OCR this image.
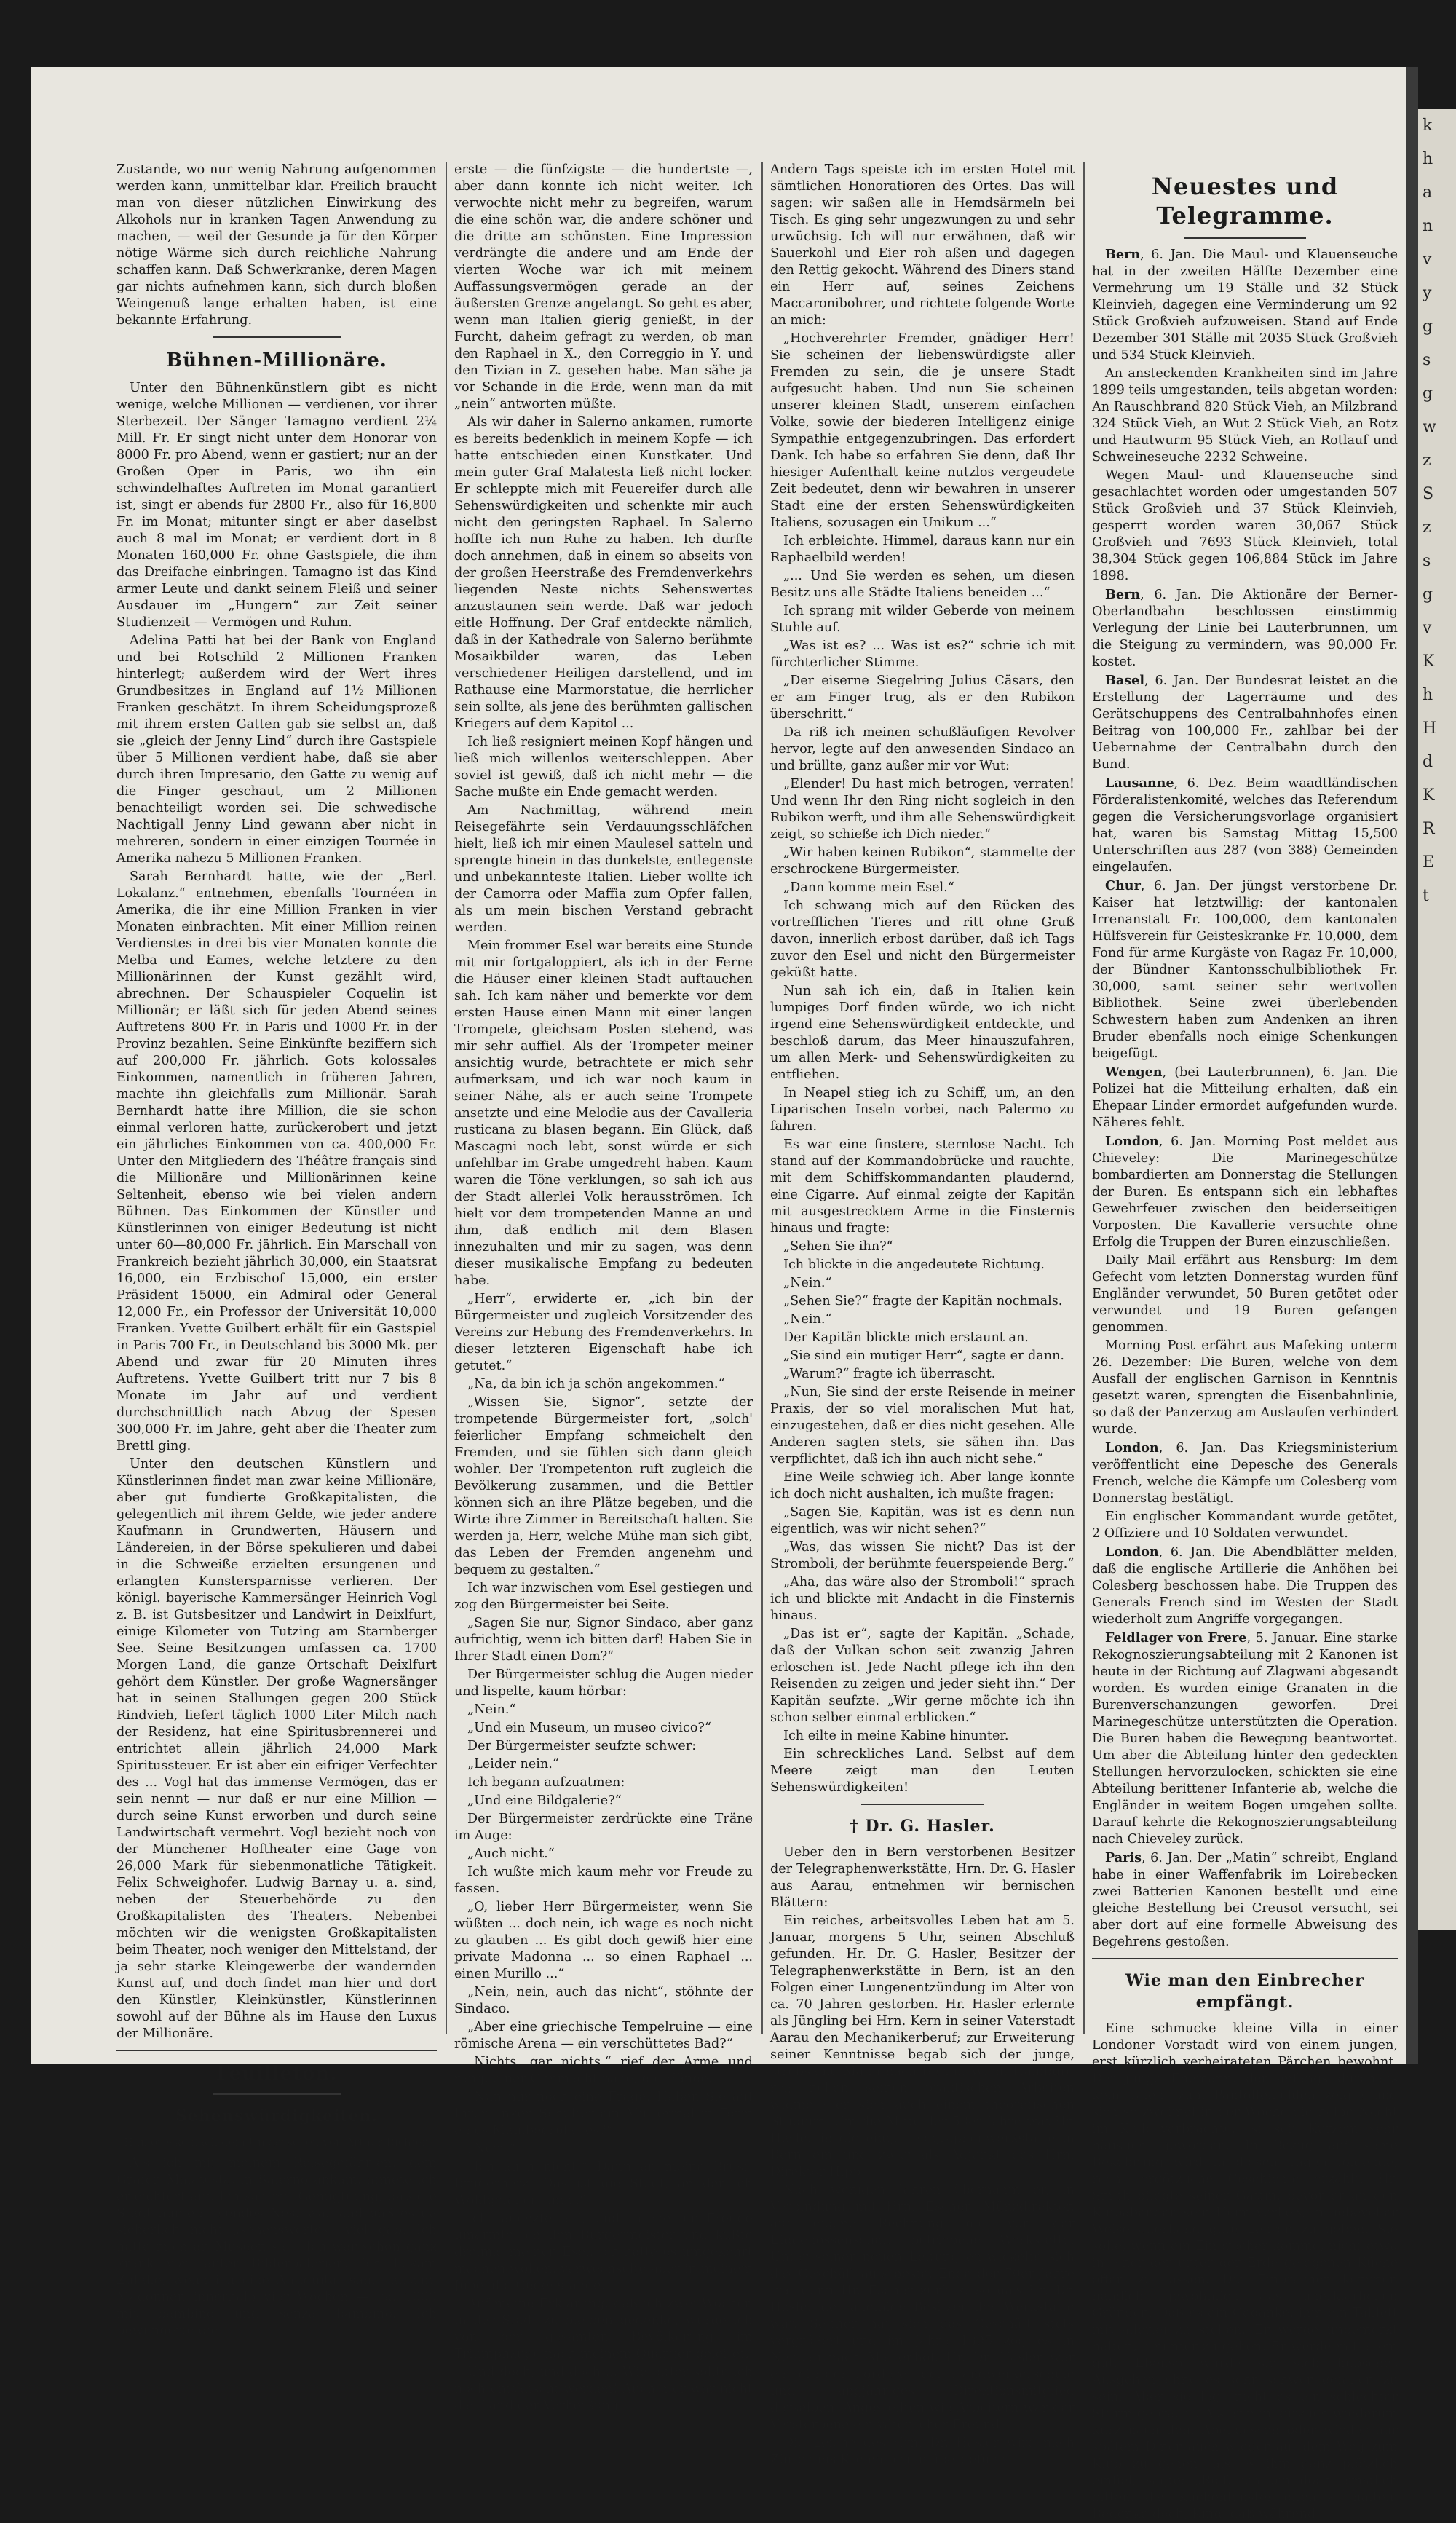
Zustande, wo nur wenig Nahrung aufgenommen werden kann, unmittelbar klar. Freilich braucht man von dieser nützlichen Einwirkung des Alkohols nur in kranken Tagen Anwendung zu machen, — weil der Gesunde ja für den Körper nötige Wärme sich durch reichliche Nahrung schaffen kann. Daß Schwerkranke, deren Magen gar nichts aufnehmen kann, sich durch bloßen Weingenuß lange erhalten haben, ist eine bekannte Erfahrung.

Bühnen-Millionäre.

Unter den Bühnenkünstlern gibt es nicht wenige, welche Millionen — verdienen, vor ihrer Sterbezeit. Der Sänger Tamagno verdient 2¼ Mill. Fr. Er singt nicht unter dem Honorar von 8000 Fr. pro Abend, wenn er gastiert; nur an der Großen Oper in Paris, wo ihn ein schwindelhaftes Auftreten im Monat garantiert ist, singt er abends für 2800 Fr., also für 16,800 Fr. im Monat; mitunter singt er aber daselbst auch 8 mal im Monat; er verdient dort in 8 Monaten 160,000 Fr. ohne Gastspiele, die ihm das Dreifache einbringen. Tamagno ist das Kind armer Leute und dankt seinem Fleiß und seiner Ausdauer im „Hungern“ zur Zeit seiner Studienzeit — Vermögen und Ruhm.

Adelina Patti hat bei der Bank von England und bei Rotschild 2 Millionen Franken hinterlegt; außerdem wird der Wert ihres Grundbesitzes in England auf 1½ Millionen Franken geschätzt. In ihrem Scheidungsprozeß mit ihrem ersten Gatten gab sie selbst an, daß sie „gleich der Jenny Lind“ durch ihre Gastspiele über 5 Millionen verdient habe, daß sie aber durch ihren Impresario, den Gatte zu wenig auf die Finger geschaut, um 2 Millionen benachteiligt worden sei. Die schwedische Nachtigall Jenny Lind gewann aber nicht in mehreren, sondern in einer einzigen Tournée in Amerika nahezu 5 Millionen Franken.

Sarah Bernhardt hatte, wie der „Berl. Lokalanz.“ entnehmen, ebenfalls Tournéen in Amerika, die ihr eine Million Franken in vier Monaten einbrachten. Mit einer Million reinen Verdienstes in drei bis vier Monaten konnte die Melba und Eames, welche letztere zu den Millionärinnen der Kunst gezählt wird, abrechnen. Der Schauspieler Coquelin ist Millionär; er läßt sich für jeden Abend seines Auftretens 800 Fr. in Paris und 1000 Fr. in der Provinz bezahlen. Seine Einkünfte beziffern sich auf 200,000 Fr. jährlich. Gots kolossales Einkommen, namentlich in früheren Jahren, machte ihn gleichfalls zum Millionär. Sarah Bernhardt hatte ihre Million, die sie schon einmal verloren hatte, zurückerobert und jetzt ein jährliches Einkommen von ca. 400,000 Fr. Unter den Mitgliedern des Théâtre français sind die Millionäre und Millionärinnen keine Seltenheit, ebenso wie bei vielen andern Bühnen. Das Einkommen der Künstler und Künstlerinnen von einiger Bedeutung ist nicht unter 60—80,000 Fr. jährlich. Ein Marschall von Frankreich bezieht jährlich 30,000, ein Staatsrat 16,000, ein Erzbischof 15,000, ein erster Präsident 15000, ein Admiral oder General 12,000 Fr., ein Professor der Universität 10,000 Franken. Yvette Guilbert erhält für ein Gastspiel in Paris 700 Fr., in Deutschland bis 3000 Mk. per Abend und zwar für 20 Minuten ihres Auftretens. Yvette Guilbert tritt nur 7 bis 8 Monate im Jahr auf und verdient durchschnittlich nach Abzug der Spesen 300,000 Fr. im Jahre, geht aber die Theater zum Brettl ging.

Unter den deutschen Künstlern und Künstlerinnen findet man zwar keine Millionäre, aber gut fundierte Großkapitalisten, die gelegentlich mit ihrem Gelde, wie jeder andere Kaufmann in Grundwerten, Häusern und Ländereien, in der Börse spekulieren und dabei in die Schweiße erzielten ersungenen und erlangten Kunstersparnisse verlieren. Der königl. bayerische Kammersänger Heinrich Vogl z. B. ist Gutsbesitzer und Landwirt in Deixlfurt, einige Kilometer von Tutzing am Starnberger See. Seine Besitzungen umfassen ca. 1700 Morgen Land, die ganze Ortschaft Deixlfurt gehört dem Künstler. Der große Wagnersänger hat in seinen Stallungen gegen 200 Stück Rindvieh, liefert täglich 1000 Liter Milch nach der Residenz, hat eine Spiritusbrennerei und entrichtet allein jährlich 24,000 Mark Spiritussteuer. Er ist aber ein eifriger Verfechter des ... Vogl hat das immense Vermögen, das er sein nennt — nur daß er nur eine Million — durch seine Kunst erworben und durch seine Landwirtschaft vermehrt. Vogl bezieht noch von der Münchener Hoftheater eine Gage von 26,000 Mark für siebenmonatliche Tätigkeit. Felix Schweighofer. Ludwig Barnay u. a. sind, neben der Steuerbehörde zu den Großkapitalisten des Theaters. Nebenbei möchten wir die wenigsten Großkapitalisten beim Theater, noch weniger den Mittelstand, der ja sehr starke Kleingewerbe der wandernden Kunst auf, und doch findet man hier und dort den Künstler, Kleinkünstler, Künstlerinnen sowohl auf der Bühne als im Hause den Luxus der Millionäre.

Feuilleton.
Sehenswürdigkeiten.
Humoreske nach dem Ungarischen von Arthur Richter.

Als ich mit meinem Reisegefährten, dem Grafen Malatesta, in Salerno ankam, atmete ich erleichtert auf. Ich sah mit Genugtuung, daß die Stadt nur ein elendes Nest war und daß es da sicherlich nicht „sehenswertes“ viel gab. Ich hatte mich an Museen satt. Ich war schon ganz krank vor lauter Bilderbalerien. Ich bekam Zufälle, wenn ich eine Antiquität sah. Tausend Madonnen innerhalb vier Wochen — ca. 1000 mit bambino und senza bambino. Ich bewunderte die

erste — die fünfzigste — die hundertste —, aber dann konnte ich nicht weiter. Ich verwochte nicht mehr zu begreifen, warum die eine schön war, die andere schöner und die dritte am schönsten. Eine Impression verdrängte die andere und am Ende der vierten Woche war ich mit meinem Auffassungsvermögen gerade an der äußersten Grenze angelangt. So geht es aber, wenn man Italien gierig genießt, in der Furcht, daheim gefragt zu werden, ob man den Raphael in X., den Correggio in Y. und den Tizian in Z. gesehen habe. Man sähe ja vor Schande in die Erde, wenn man da mit „nein“ antworten müßte.

Als wir daher in Salerno ankamen, rumorte es bereits bedenklich in meinem Kopfe — ich hatte entschieden einen Kunstkater. Und mein guter Graf Malatesta ließ nicht locker. Er schleppte mich mit Feuereifer durch alle Sehenswürdigkeiten und schenkte mir auch nicht den geringsten Raphael. In Salerno hoffte ich nun Ruhe zu haben. Ich durfte doch annehmen, daß in einem so abseits von der großen Heerstraße des Fremdenverkehrs liegenden Neste nichts Sehenswertes anzustaunen sein werde. Daß war jedoch eitle Hoffnung. Der Graf entdeckte nämlich, daß in der Kathedrale von Salerno berühmte Mosaikbilder waren, das Leben verschiedener Heiligen darstellend, und im Rathause eine Marmorstatue, die herrlicher sein sollte, als jene des berühmten gallischen Kriegers auf dem Kapitol ...

Ich ließ resigniert meinen Kopf hängen und ließ mich willenlos weiterschleppen. Aber soviel ist gewiß, daß ich nicht mehr — die Sache mußte ein Ende gemacht werden.

Am Nachmittag, während mein Reisegefährte sein Verdauungsschläfchen hielt, ließ ich mir einen Maulesel satteln und sprengte hinein in das dunkelste, entlegenste und unbekannteste Italien. Lieber wollte ich der Camorra oder Maffia zum Opfer fallen, als um mein bischen Verstand gebracht werden.

Mein frommer Esel war bereits eine Stunde mit mir fortgaloppiert, als ich in der Ferne die Häuser einer kleinen Stadt auftauchen sah. Ich kam näher und bemerkte vor dem ersten Hause einen Mann mit einer langen Trompete, gleichsam Posten stehend, was mir sehr auffiel. Als der Trompeter meiner ansichtig wurde, betrachtete er mich sehr aufmerksam, und ich war noch kaum in seiner Nähe, als er auch seine Trompete ansetzte und eine Melodie aus der Cavalleria rusticana zu blasen begann. Ein Glück, daß Mascagni noch lebt, sonst würde er sich unfehlbar im Grabe umgedreht haben. Kaum waren die Töne verklungen, so sah ich aus der Stadt allerlei Volk herausströmen. Ich hielt vor dem trompetenden Manne an und ihm, daß endlich mit dem Blasen innezuhalten und mir zu sagen, was denn dieser musikalische Empfang zu bedeuten habe.

„Herr“, erwiderte er, „ich bin der Bürgermeister und zugleich Vorsitzender des Vereins zur Hebung des Fremdenverkehrs. In dieser letzteren Eigenschaft habe ich getutet.“

„Na, da bin ich ja schön angekommen.“

„Wissen Sie, Signor“, setzte der trompetende Bürgermeister fort, „solch' feierlicher Empfang schmeichelt den Fremden, und sie fühlen sich dann gleich wohler. Der Trompetenton ruft zugleich die Bevölkerung zusammen, und die Bettler können sich an ihre Plätze begeben, und die Wirte ihre Zimmer in Bereitschaft halten. Sie werden ja, Herr, welche Mühe man sich gibt, das Leben der Fremden angenehm und bequem zu gestalten.“

Ich war inzwischen vom Esel gestiegen und zog den Bürgermeister bei Seite.

„Sagen Sie nur, Signor Sindaco, aber ganz aufrichtig, wenn ich bitten darf! Haben Sie in Ihrer Stadt einen Dom?“

Der Bürgermeister schlug die Augen nieder und lispelte, kaum hörbar:

„Nein.“

„Und ein Museum, un museo civico?“

Der Bürgermeister seufzte schwer:

„Leider nein.“

Ich begann aufzuatmen:

„Und eine Bildgalerie?“

Der Bürgermeister zerdrückte eine Träne im Auge:

„Auch nicht.“

Ich wußte mich kaum mehr vor Freude zu fassen.

„O, lieber Herr Bürgermeister, wenn Sie wüßten ... doch nein, ich wage es noch nicht zu glauben ... Es gibt doch gewiß hier eine private Madonna ... so einen Raphael ... einen Murillo ...“

„Nein, nein, auch das nicht“, stöhnte der Sindaco.

„Aber eine griechische Tempelruine — eine römische Arena — ein verschüttetes Bad?“

„Nichts, gar nichts,“ rief der Arme und rang, einer Ohnmacht nahe, die Hände.

„Nun nur noch eine Frage: Haben Sie auf Ihrer linken Schulter ein Muttermal in Form eines Maulbeerblattes?“

„Nein.“

„Ich auch nicht!“ Dann an meine Brust, Bruderherz! Das ist die Stadt, an der ich Wohlgefallen finde.“

Ich jauchzte auf, und in meiner Freude umarmte ich den Bürgermeister und küßte dreimal meinen Esel. Ich hatte es umgekehrt machen wollen, verwechselte aber in meinem Jubel die Gegenstände.

Auf meine Erklärung, daß ich zwei Wochen in der Stadt zu bleiben gedenke, wurde ich von der gesamten Bevölkerung im Triumphzuge nach meinem Quartier geleitet.

Und doch, und doch ... Wie bitter sollte ich noch enttäuscht werden! Auch hier war nicht das Land der Verheißung.

Andern Tags speiste ich im ersten Hotel mit sämtlichen Honoratioren des Ortes. Das will sagen: wir saßen alle in Hemdsärmeln bei Tisch. Es ging sehr ungezwungen zu und sehr urwüchsig. Ich will nur erwähnen, daß wir Sauerkohl und Eier roh aßen und dagegen den Rettig gekocht. Während des Diners stand ein Herr auf, seines Zeichens Maccaronibohrer, und richtete folgende Worte an mich:

„Hochverehrter Fremder, gnädiger Herr! Sie scheinen der liebenswürdigste aller Fremden zu sein, die je unsere Stadt aufgesucht haben. Und nun Sie scheinen unserer kleinen Stadt, unserem einfachen Volke, sowie der biederen Intelligenz einige Sympathie entgegenzubringen. Das erfordert Dank. Ich habe so erfahren Sie denn, daß Ihr hiesiger Aufenthalt keine nutzlos vergeudete Zeit bedeutet, denn wir bewahren in unserer Stadt eine der ersten Sehenswürdigkeiten Italiens, sozusagen ein Unikum ...“

Ich erbleichte. Himmel, daraus kann nur ein Raphaelbild werden!

„... Und Sie werden es sehen, um diesen Besitz uns alle Städte Italiens beneiden ...“

Ich sprang mit wilder Geberde von meinem Stuhle auf.

„Was ist es? ... Was ist es?“ schrie ich mit fürchterlicher Stimme.

„Der eiserne Siegelring Julius Cäsars, den er am Finger trug, als er den Rubikon überschritt.“

Da riß ich meinen schußläufigen Revolver hervor, legte auf den anwesenden Sindaco an und brüllte, ganz außer mir vor Wut:

„Elender! Du hast mich betrogen, verraten! Und wenn Ihr den Ring nicht sogleich in den Rubikon werft, und ihm alle Sehenswürdigkeit zeigt, so schieße ich Dich nieder.“

„Wir haben keinen Rubikon“, stammelte der erschrockene Bürgermeister.

„Dann komme mein Esel.“

Ich schwang mich auf den Rücken des vortrefflichen Tieres und ritt ohne Gruß davon, innerlich erbost darüber, daß ich Tags zuvor den Esel und nicht den Bürgermeister geküßt hatte.

Nun sah ich ein, daß in Italien kein lumpiges Dorf finden würde, wo ich nicht irgend eine Sehenswürdigkeit entdeckte, und beschloß darum, das Meer hinauszufahren, um allen Merk- und Sehenswürdigkeiten zu entfliehen.

In Neapel stieg ich zu Schiff, um, an den Liparischen Inseln vorbei, nach Palermo zu fahren.

Es war eine finstere, sternlose Nacht. Ich stand auf der Kommandobrücke und rauchte, mit dem Schiffskommandanten plaudernd, eine Cigarre. Auf einmal zeigte der Kapitän mit ausgestrecktem Arme in die Finsternis hinaus und fragte:

„Sehen Sie ihn?“

Ich blickte in die angedeutete Richtung.

„Nein.“

„Sehen Sie?“ fragte der Kapitän nochmals.

„Nein.“

Der Kapitän blickte mich erstaunt an.

„Sie sind ein mutiger Herr“, sagte er dann.

„Warum?“ fragte ich überrascht.

„Nun, Sie sind der erste Reisende in meiner Praxis, der so viel moralischen Mut hat, einzugestehen, daß er dies nicht gesehen. Alle Anderen sagten stets, sie sähen ihn. Das verpflichtet, daß ich ihn auch nicht sehe.“

Eine Weile schwieg ich. Aber lange konnte ich doch nicht aushalten, ich mußte fragen:

„Sagen Sie, Kapitän, was ist es denn nun eigentlich, was wir nicht sehen?“

„Was, das wissen Sie nicht? Das ist der Stromboli, der berühmte feuerspeiende Berg.“

„Aha, das wäre also der Stromboli!“ sprach ich und blickte mit Andacht in die Finsternis hinaus.

„Das ist er“, sagte der Kapitän. „Schade, daß der Vulkan schon seit zwanzig Jahren erloschen ist. Jede Nacht pflege ich ihn den Reisenden zu zeigen und jeder sieht ihn.“ Der Kapitän seufzte. „Wir gerne möchte ich ihn schon selber einmal erblicken.“

Ich eilte in meine Kabine hinunter.

Ein schreckliches Land. Selbst auf dem Meere zeigt man den Leuten Sehenswürdigkeiten!

† Dr. G. Hasler.

Ueber den in Bern verstorbenen Besitzer der Telegraphenwerkstätte, Hrn. Dr. G. Hasler aus Aarau, entnehmen wir bernischen Blättern:

Ein reiches, arbeitsvolles Leben hat am 5. Januar, morgens 5 Uhr, seinen Abschluß gefunden. Hr. Dr. G. Hasler, Besitzer der Telegraphenwerkstätte in Bern, ist an den Folgen einer Lungenentzündung im Alter von ca. 70 Jahren gestorben. Hr. Hasler erlernte als Jüngling bei Hrn. Kern in seiner Vaterstadt Aarau den Mechanikerberuf; zur Erweiterung seiner Kenntnisse begab sich der junge, strebsame Mann nach Berlin, Wien, Hamburg rc.; neben seinen praktischen Arbeiten widmete er sich auch einem theoretischen Studium. Um die Mitte der 50er Jahre trat Hr. Hasler in die eidg. Telegraphenwerkstätte in Bern ein und zwar als Adjunkt des Hrn. Direktor Hipp.

Nach wenigen Jahren übernahm er, in Verbindung mit Hrn. Escher, Münzdirektor, auf eigene Rechnung die von der Eidgenossenschaft betriebene Werkstätte. Unter seiner neuen Leitung entwickelte sich das Geschäft aufs beste. Ende der 70er Jahre trat dann Hr. Escher zurück, so daß Hr. Dr. Hasler der alleinige Besitzer der Werkstätte war. Seither hat sich das Geschäft stets vergrößert und im Jahre 1895 zog es in Neubau nach Mattenhof. Hr. Dr. Hasler war ein eifriger Förderer der Handwerkerschule und langjähriges Direktionsmitglied derselben. Angestellten wie Arbeitern war der Verstorbene ein väterlicher Freund.

Die Leiche des Hrn. Dr. Hasler wird nach Zürich ins Krematorium übergeführt.

Neuestes und Telegramme.

Bern, 6. Jan. Die Maul- und Klauenseuche hat in der zweiten Hälfte Dezember eine Vermehrung um 19 Ställe und 32 Stück Kleinvieh, dagegen eine Verminderung um 92 Stück Großvieh aufzuweisen. Stand auf Ende Dezember 301 Ställe mit 2035 Stück Großvieh und 534 Stück Kleinvieh.

An ansteckenden Krankheiten sind im Jahre 1899 teils umgestanden, teils abgetan worden: An Rauschbrand 820 Stück Vieh, an Milzbrand 324 Stück Vieh, an Wut 2 Stück Vieh, an Rotz und Hautwurm 95 Stück Vieh, an Rotlauf und Schweineseuche 2232 Schweine.

Wegen Maul- und Klauenseuche sind gesachlachtet worden oder umgestanden 507 Stück Großvieh und 37 Stück Kleinvieh, gesperrt worden waren 30,067 Stück Großvieh und 7693 Stück Kleinvieh, total 38,304 Stück gegen 106,884 Stück im Jahre 1898.

Bern, 6. Jan. Die Aktionäre der Berner-Oberlandbahn beschlossen einstimmig Verlegung der Linie bei Lauterbrunnen, um die Steigung zu vermindern, was 90,000 Fr. kostet.

Basel, 6. Jan. Der Bundesrat leistet an die Erstellung der Lagerräume und des Gerätschuppens des Centralbahnhofes einen Beitrag von 100,000 Fr., zahlbar bei der Uebernahme der Centralbahn durch den Bund.

Lausanne, 6. Dez. Beim waadtländischen Förderalistenkomité, welches das Referendum gegen die Versicherungsvorlage organisiert hat, waren bis Samstag Mittag 15,500 Unterschriften aus 287 (von 388) Gemeinden eingelaufen.

Chur, 6. Jan. Der jüngst verstorbene Dr. Kaiser hat letztwillig: der kantonalen Irrenanstalt Fr. 100,000, dem kantonalen Hülfsverein für Geisteskranke Fr. 10,000, dem Fond für arme Kurgäste von Ragaz Fr. 10,000, der Bündner Kantonsschulbibliothek Fr. 30,000, samt seiner sehr wertvollen Bibliothek. Seine zwei überlebenden Schwestern haben zum Andenken an ihren Bruder ebenfalls noch einige Schenkungen beigefügt.

Wengen, (bei Lauterbrunnen), 6. Jan. Die Polizei hat die Mitteilung erhalten, daß ein Ehepaar Linder ermordet aufgefunden wurde. Näheres fehlt.

London, 6. Jan. Morning Post meldet aus Chieveley: Die Marinegeschütze bombardierten am Donnerstag die Stellungen der Buren. Es entspann sich ein lebhaftes Gewehrfeuer zwischen den beiderseitigen Vorposten. Die Kavallerie versuchte ohne Erfolg die Truppen der Buren einzuschließen.

Daily Mail erfährt aus Rensburg: Im dem Gefecht vom letzten Donnerstag wurden fünf Engländer verwundet, 50 Buren getötet oder verwundet und 19 Buren gefangen genommen.

Morning Post erfährt aus Mafeking unterm 26. Dezember: Die Buren, welche von dem Ausfall der englischen Garnison in Kenntnis gesetzt waren, sprengten die Eisenbahnlinie, so daß der Panzerzug am Auslaufen verhindert wurde.

London, 6. Jan. Das Kriegsministerium veröffentlicht eine Depesche des Generals French, welche die Kämpfe um Colesberg vom Donnerstag bestätigt.

Ein englischer Kommandant wurde getötet, 2 Offiziere und 10 Soldaten verwundet.

London, 6. Jan. Die Abendblätter melden, daß die englische Artillerie die Anhöhen bei Colesberg beschossen habe. Die Truppen des Generals French sind im Westen der Stadt wiederholt zum Angriffe vorgegangen.

Feldlager von Frere, 5. Januar. Eine starke Rekognoszierungsabteilung mit 2 Kanonen ist heute in der Richtung auf Zlagwani abgesandt worden. Es wurden einige Granaten in die Burenverschanzungen geworfen. Drei Marinegeschütze unterstützten die Operation. Die Buren haben die Bewegung beantwortet. Um aber die Abteilung hinter den gedeckten Stellungen hervorzulocken, schickten sie eine Abteilung berittener Infanterie ab, welche die Engländer in weitem Bogen umgehen sollte. Darauf kehrte die Rekognoszierungsabteilung nach Chieveley zurück.

Paris, 6. Jan. Der „Matin“ schreibt, England habe in einer Waffenfabrik im Loirebecken zwei Batterien Kanonen bestellt und eine gleiche Bestellung bei Creusot versucht, sei aber dort auf eine formelle Abweisung des Begehrens gestoßen.

Wie man den Einbrecher empfängt.

Eine schmucke kleine Villa in einer Londoner Vorstadt wird von einem jungen, erst kürzlich verheirateten Pärchen bewohnt. Der junge Ehemann, der anfangs durchaus kein Talent zum Pantoffelhelden zeigte und sich so zweimal in der Woche die halbe Nacht im Klub verbrachte, ist seit Kurzem sehr häuslich geworden. In Bezug auf seine Bekehrung wird in diesen Tagen folgende, recht ergötzliche Geschichte erzählt. Hr. Smith pflegte seiner Gattin, bevor er an den Klubabenden sein Heim verließ, in liebevoller Weise allerhand gute Lehren zu geben. Sie solle, wenn ein Einbrecher komme, nicht etwa in einer der unter der Erde gelegenen Küche offen zu lassen. Die Einbrecher kommen nämlich gewöhnlich aus unerklärlichen Gründen. Daß es ein Gedanke, ihm ein Tablett mit allerlei zu stellen. Er werde unbemerkt halten, hinunter zu gehen. Er werde mit allem gut. Ebenso würde sie sich hübsches Ausgehen ohne es sehr schwer gefallen zu sein. Aber sie legt nicht es ein schlechter Sturm gebracht. Als er nun kürzlich wiederum kurz nach dem Abendessen oder wieder nur spätem Diner auch wieder auf dem Weg zum Klub zu gehen, als es ihm ganz plötzlich einfiel, sagte: „Rolf, ich bin doch ernstlich bitten, das Küchenfenster offen zu halten. Bedenke doch, Kind, daß während

k
h
a
n
v
y
g
s
g
w
z
S
z
s
g
v
K
h
H
d
K
R
E
t
